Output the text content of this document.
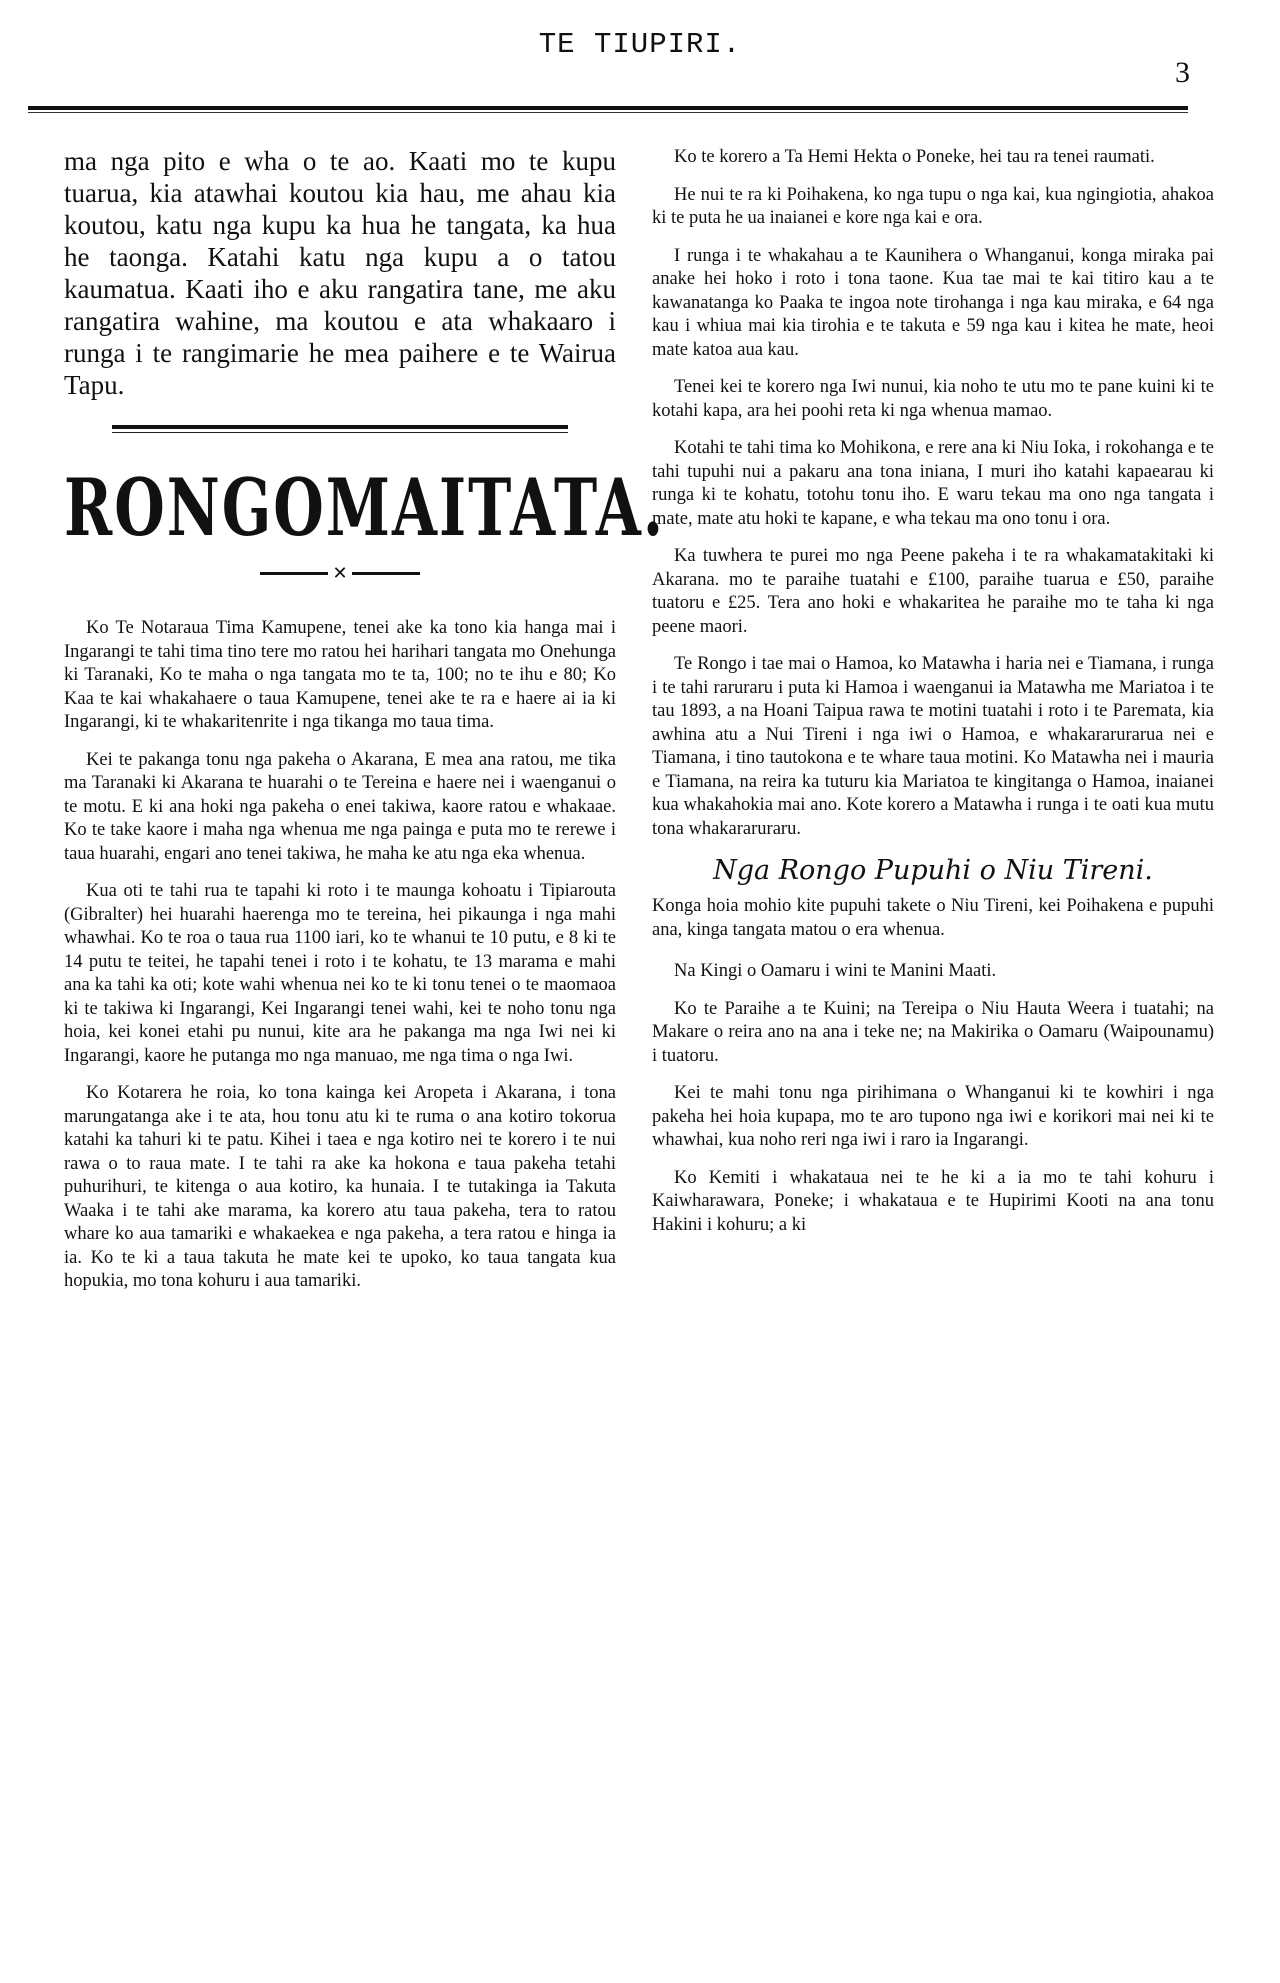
TE TIUPIRI.
3

ma nga pito e wha o te ao. Kaati mo te kupu tuarua, kia atawhai koutou kia hau, me ahau kia koutou, katu nga kupu ka hua he tangata, ka hua he taonga. Katahi katu nga kupu a o tatou kaumatua. Kaati iho e aku rangatira tane, me aku rangatira wahine, ma koutou e ata whakaaro i runga i te rangimarie he mea paihere e te Wairua Tapu.

RONGOMAITATA.
✕

Ko Te Notaraua Tima Kamupene, tenei ake ka tono kia hanga mai i Ingarangi te tahi tima tino tere mo ratou hei harihari tangata mo Onehunga ki Taranaki, Ko te maha o nga tangata mo te ta, 100; no te ihu e 80; Ko Kaa te kai whakahaere o taua Kamupene, tenei ake te ra e haere ai ia ki Ingarangi, ki te whakaritenrite i nga tikanga mo taua tima.

Kei te pakanga tonu nga pakeha o Akarana, E mea ana ratou, me tika ma Taranaki ki Akarana te huarahi o te Tereina e haere nei i waenganui o te motu. E ki ana hoki nga pakeha o enei takiwa, kaore ratou e whakaae. Ko te take kaore i maha nga whenua me nga painga e puta mo te rerewe i taua huarahi, engari ano tenei takiwa, he maha ke atu nga eka whenua.

Kua oti te tahi rua te tapahi ki roto i te maunga kohoatu i Tipiarouta (Gibralter) hei huarahi haerenga mo te tereina, hei pikaunga i nga mahi whawhai. Ko te roa o taua rua 1100 iari, ko te whanui te 10 putu, e 8 ki te 14 putu te teitei, he tapahi tenei i roto i te kohatu, te 13 marama e mahi ana ka tahi ka oti; kote wahi whenua nei ko te ki tonu tenei o te maomaoa ki te takiwa ki Ingarangi, Kei Ingarangi tenei wahi, kei te noho tonu nga hoia, kei konei etahi pu nunui, kite ara he pakanga ma nga Iwi nei ki Ingarangi, kaore he putanga mo nga manuao, me nga tima o nga Iwi.

Ko Kotarera he roia, ko tona kainga kei Aropeta i Akarana, i tona marungatanga ake i te ata, hou tonu atu ki te ruma o ana kotiro tokorua katahi ka tahuri ki te patu. Kihei i taea e nga kotiro nei te korero i te nui rawa o to raua mate. I te tahi ra ake ka hokona e taua pakeha tetahi puhurihuri, te kitenga o aua kotiro, ka hunaia. I te tutakinga ia Takuta Waaka i te tahi ake marama, ka korero atu taua pakeha, tera to ratou whare ko aua tamariki e whakaekea e nga pakeha, a tera ratou e hinga ia ia. Ko te ki a taua takuta he mate kei te upoko, ko taua tangata kua hopukia, mo tona kohuru i aua tamariki.

Ko te korero a Ta Hemi Hekta o Poneke, hei tau ra tenei raumati.

He nui te ra ki Poihakena, ko nga tupu o nga kai, kua ngingiotia, ahakoa ki te puta he ua inaianei e kore nga kai e ora.

I runga i te whakahau a te Kaunihera o Whanganui, konga miraka pai anake hei hoko i roto i tona taone. Kua tae mai te kai titiro kau a te kawanatanga ko Paaka te ingoa note tirohanga i nga kau miraka, e 64 nga kau i whiua mai kia tirohia e te takuta e 59 nga kau i kitea he mate, heoi mate katoa aua kau.

Tenei kei te korero nga Iwi nunui, kia noho te utu mo te pane kuini ki te kotahi kapa, ara hei poohi reta ki nga whenua mamao.

Kotahi te tahi tima ko Mohikona, e rere ana ki Niu Ioka, i rokohanga e te tahi tupuhi nui a pakaru ana tona iniana, I muri iho katahi kapaearau ki runga ki te kohatu, totohu tonu iho. E waru tekau ma ono nga tangata i mate, mate atu hoki te kapane, e wha tekau ma ono tonu i ora.

Ka tuwhera te purei mo nga Peene pakeha i te ra whakamatakitaki ki Akarana. mo te paraihe tuatahi e £100, paraihe tuarua e £50, paraihe tuatoru e £25. Tera ano hoki e whakaritea he paraihe mo te taha ki nga peene maori.

Te Rongo i tae mai o Hamoa, ko Matawha i haria nei e Tiamana, i runga i te tahi raruraru i puta ki Hamoa i waenganui ia Matawha me Mariatoa i te tau 1893, a na Hoani Taipua rawa te motini tuatahi i roto i te Paremata, kia awhina atu a Nui Tireni i nga iwi o Hamoa, e whakararurarua nei e Tiamana, i tino tautokona e te whare taua motini. Ko Matawha nei i mauria e Tiamana, na reira ka tuturu kia Mariatoa te kingitanga o Hamoa, inaianei kua whakahokia mai ano. Kote korero a Matawha i runga i te oati kua mutu tona whakararuraru.

Nga Rongo Pupuhi o Niu Tireni.

Konga hoia mohio kite pupuhi takete o Niu Tireni, kei Poihakena e pupuhi ana, kinga tangata matou o era whenua.

Na Kingi o Oamaru i wini te Manini Maati.

Ko te Paraihe a te Kuini; na Tereipa o Niu Hauta Weera i tuatahi; na Makare o reira ano na ana i teke ne; na Makirika o Oamaru (Waipounamu) i tuatoru.

Kei te mahi tonu nga pirihimana o Whanganui ki te kowhiri i nga pakeha hei hoia kupapa, mo te aro tupono nga iwi e korikori mai nei ki te whawhai, kua noho reri nga iwi i raro ia Ingarangi.

Ko Kemiti i whakataua nei te he ki a ia mo te tahi kohuru i Kaiwharawara, Poneke; i whakataua e te Hupirimi Kooti na ana tonu Hakini i kohuru; a ki
